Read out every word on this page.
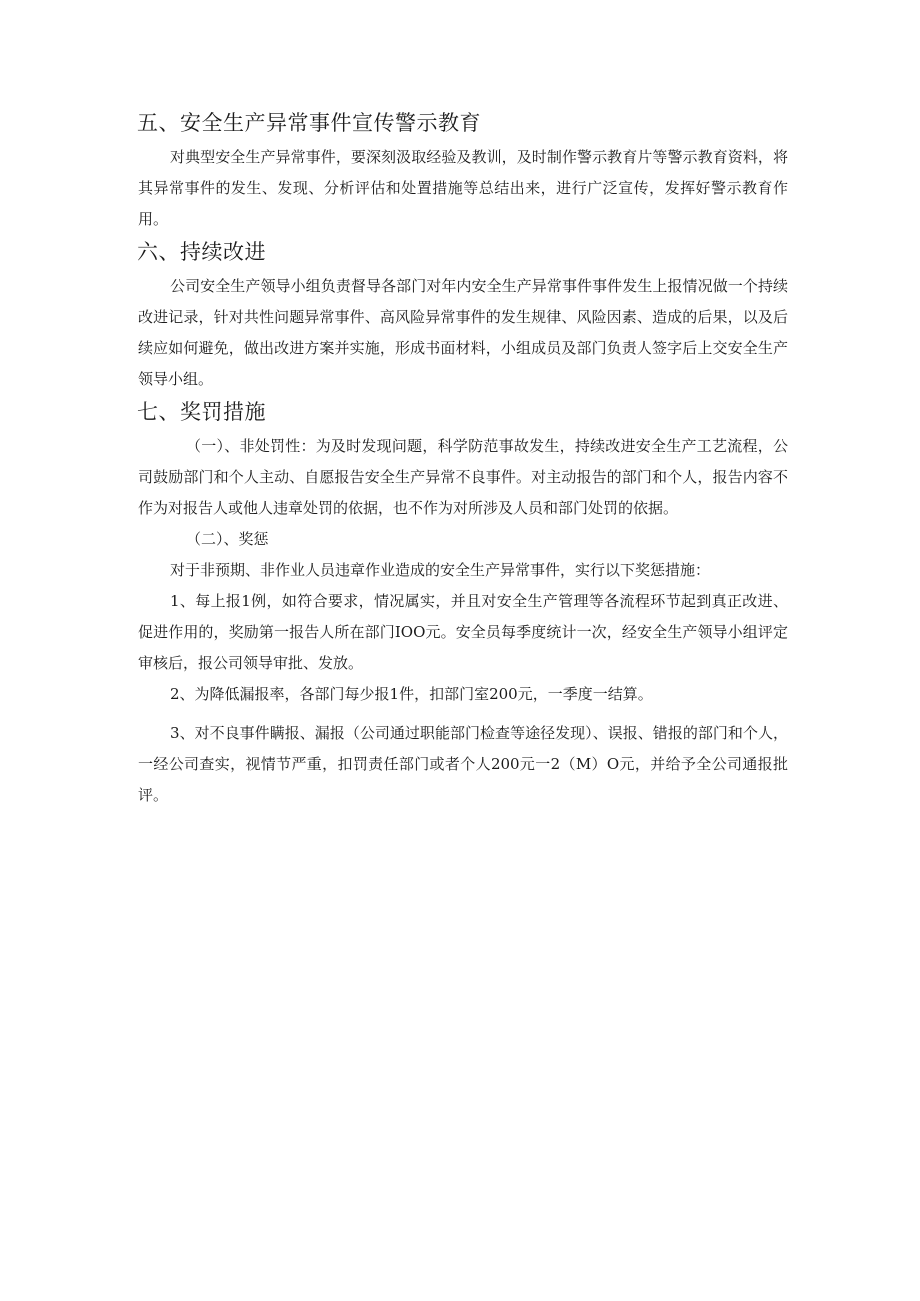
五、安全生产异常事件宣传警示教育

对典型安全生产异常事件，要深刻汲取经验及教训，及时制作警示教育片等警示教育资料，将其异常事件的发生、发现、分析评估和处置措施等总结出来，进行广泛宣传，发挥好警示教育作用。

六、持续改进

公司安全生产领导小组负责督导各部门对年内安全生产异常事件事件发生上报情况做一个持续改进记录，针对共性问题异常事件、高风险异常事件的发生规律、风险因素、造成的后果，以及后续应如何避免，做出改进方案并实施，形成书面材料，小组成员及部门负责人签字后上交安全生产领导小组。

七、奖罚措施

（一）、非处罚性：为及时发现问题，科学防范事故发生，持续改进安全生产工艺流程，公司鼓励部门和个人主动、自愿报告安全生产异常不良事件。对主动报告的部门和个人，报告内容不作为对报告人或他人违章处罚的依据，也不作为对所涉及人员和部门处罚的依据。

（二）、奖惩

对于非预期、非作业人员违章作业造成的安全生产异常事件，实行以下奖惩措施：

1、每上报1例，如符合要求，情况属实，并且对安全生产管理等各流程环节起到真正改进、促进作用的，奖励第一报告人所在部门IOO元。安全员每季度统计一次，经安全生产领导小组评定审核后，报公司领导审批、发放。

2、为降低漏报率，各部门每少报1件，扣部门室200元，一季度一结算。

3、对不良事件瞒报、漏报（公司通过职能部门检查等途径发现）、误报、错报的部门和个人，一经公司查实，视情节严重，扣罚责任部门或者个人200元一2（M）O元，并给予全公司通报批评。
